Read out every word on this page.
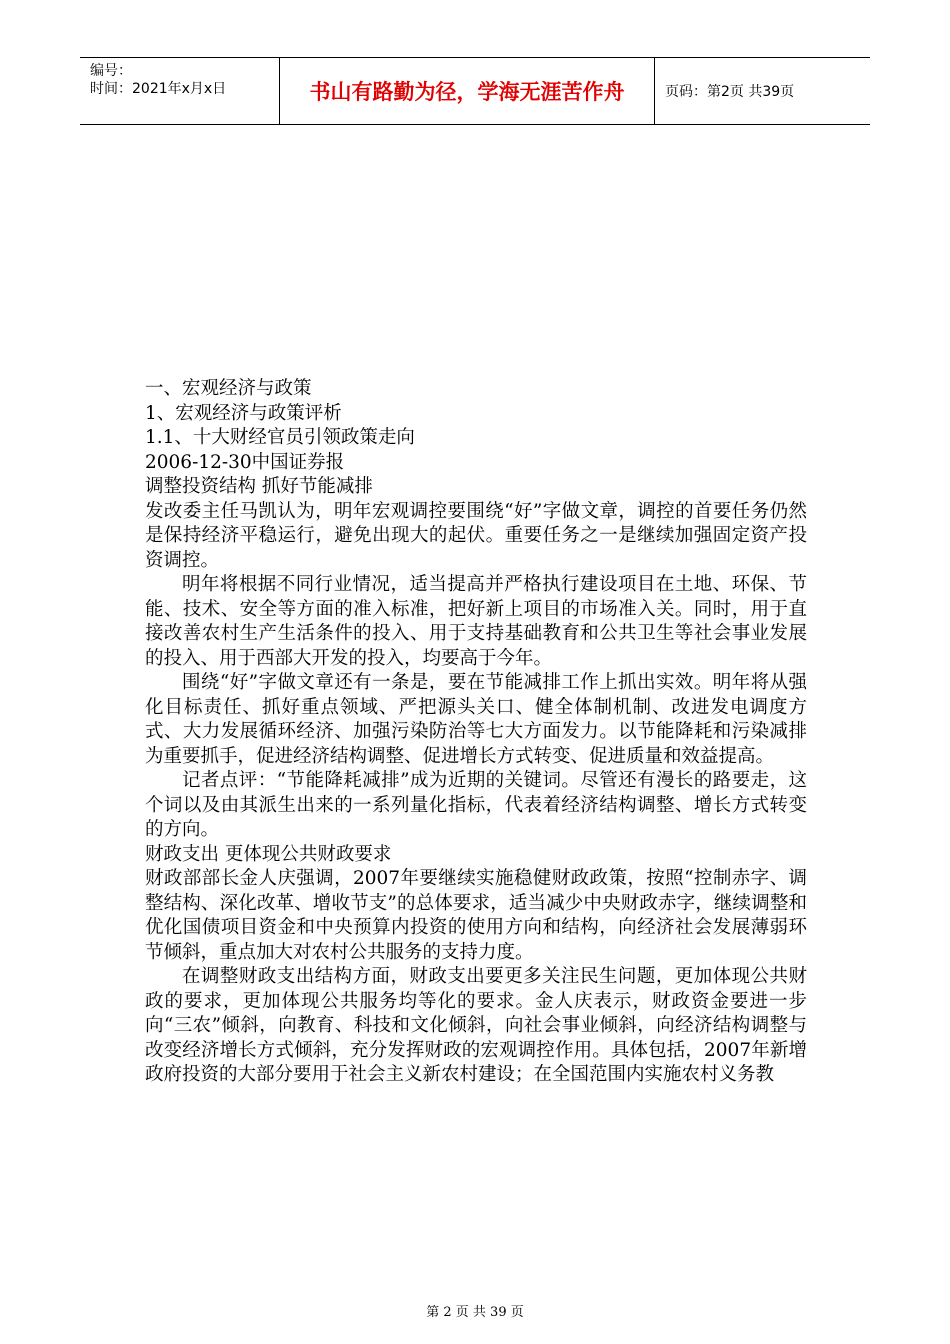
编号：
时间：2021年x月x日	书山有路勤为径，学海无涯苦作舟	页码：第2页 共39页
一、宏观经济与政策
1、宏观经济与政策评析
1.1、十大财经官员引领政策走向
2006-12-30中国证券报
调整投资结构 抓好节能减排

发改委主任马凯认为，明年宏观调控要围绕“好”字做文章，调控的首要任务仍然是保持经济平稳运行，避免出现大的起伏。重要任务之一是继续加强固定资产投资调控。

明年将根据不同行业情况，适当提高并严格执行建设项目在土地、环保、节能、技术、安全等方面的准入标准，把好新上项目的市场准入关。同时，用于直接改善农村生产生活条件的投入、用于支持基础教育和公共卫生等社会事业发展的投入、用于西部大开发的投入，均要高于今年。

围绕“好”字做文章还有一条是，要在节能减排工作上抓出实效。明年将从强化目标责任、抓好重点领域、严把源头关口、健全体制机制、改进发电调度方式、大力发展循环经济、加强污染防治等七大方面发力。以节能降耗和污染减排为重要抓手，促进经济结构调整、促进增长方式转变、促进质量和效益提高。

记者点评：“节能降耗减排”成为近期的关键词。尽管还有漫长的路要走，这个词以及由其派生出来的一系列量化指标，代表着经济结构调整、增长方式转变的方向。

财政支出 更体现公共财政要求

财政部部长金人庆强调，2007年要继续实施稳健财政政策，按照“控制赤字、调整结构、深化改革、增收节支”的总体要求，适当减少中央财政赤字，继续调整和优化国债项目资金和中央预算内投资的使用方向和结构，向经济社会发展薄弱环节倾斜，重点加大对农村公共服务的支持力度。

在调整财政支出结构方面，财政支出要更多关注民生问题，更加体现公共财政的要求，更加体现公共服务均等化的要求。金人庆表示，财政资金要进一步向“三农”倾斜，向教育、科技和文化倾斜，向社会事业倾斜，向经济结构调整与改变经济增长方式倾斜，充分发挥财政的宏观调控作用。具体包括，2007年新增政府投资的大部分要用于社会主义新农村建设；在全国范围内实施农村义务教

第 2 页 共 39 页
